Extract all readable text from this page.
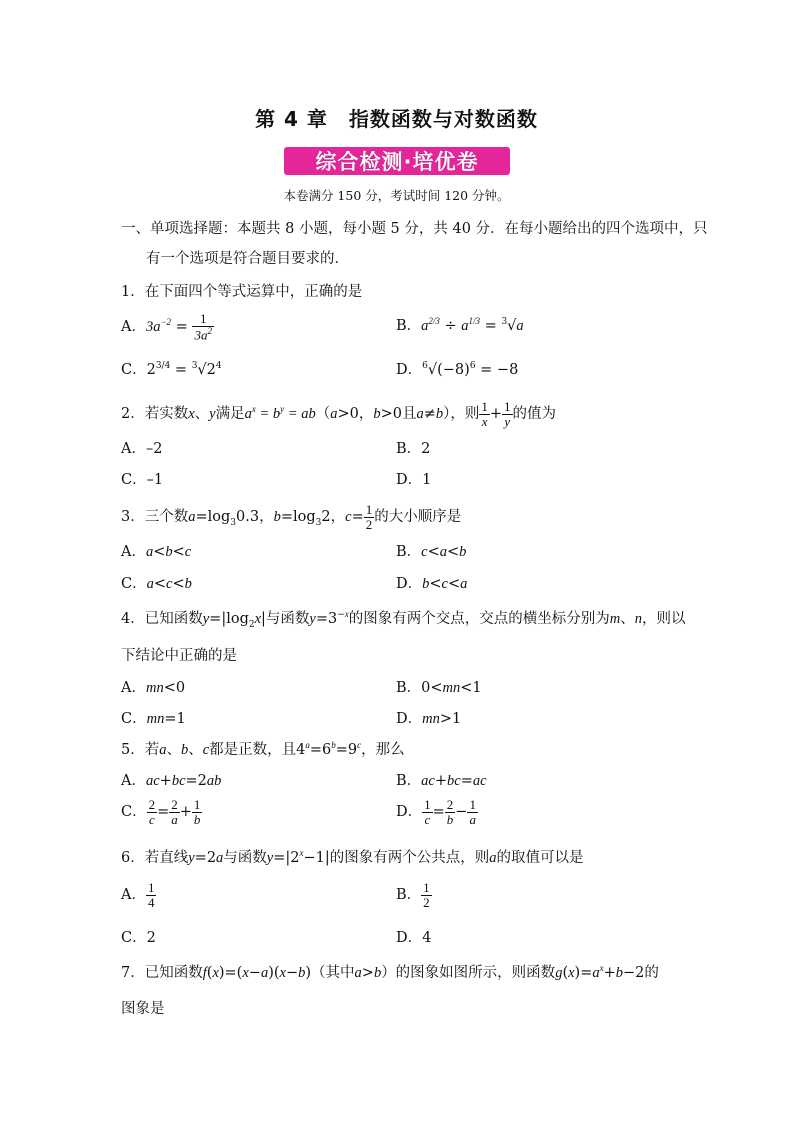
第 4 章　指数函数与对数函数
综合检测·培优卷
本卷满分 150 分，考试时间 120 分钟。
一、单项选择题：本题共 8 小题，每小题 5 分，共 40 分．在每小题给出的四个选项中，只
有一个选项是符合题目要求的．
1．在下面四个等式运算中，正确的是
A．$3a^{-2} = \frac{1}{3a^2}$	B．$a^{2/3} \div a^{1/3} = ^3√a$
C．$2^{3/4} = ^3√2^4$	D．$^6√(-8)^6 = -8$
2．若实数x、y满足$a^x = b^y = ab(a>0$，b>0且a≠b），则 $\frac{1}{x} + \frac{1}{y}$ 的值为
A．–2	B．2
C．–1	D．1
3．三个数$a=\log_30.3$，$b=\log_32$，$c= \frac{1}{2}$ 的大小顺序是
A．a<b<c	B．c<a<b
C．a<c<b	D．b<c<a
4．已知函数$y=|\log_2x|$与函数$y=3^{-x}$的图象有两个交点，交点的横坐标分别为m、n，则以
下结论中正确的是
A．mn<0	B．0<mn<1
C．mn=1	D．mn>1
5．若a、b、c都是正数，且$4^a=6^b=9^c$，那么
A．ac+bc=2ab	B．ac+bc=ac
C． $\frac{2}{c} = \frac{2}{a} + \frac{1}{b}$	D． $\frac{1}{c} = \frac{2}{b} - \frac{1}{a}$
6．若直线y=2a与函数$y=|2^x-1|$的图象有两个公共点，则a的取值可以是
A． $\frac{1}{4}$	B． $\frac{1}{2}$
C．2	D．4
7．已知函数f(x)=(x−a)(x−b)（其中a>b）的图象如图所示，则函数$g(x)=a^x+b-2$的
图象是
